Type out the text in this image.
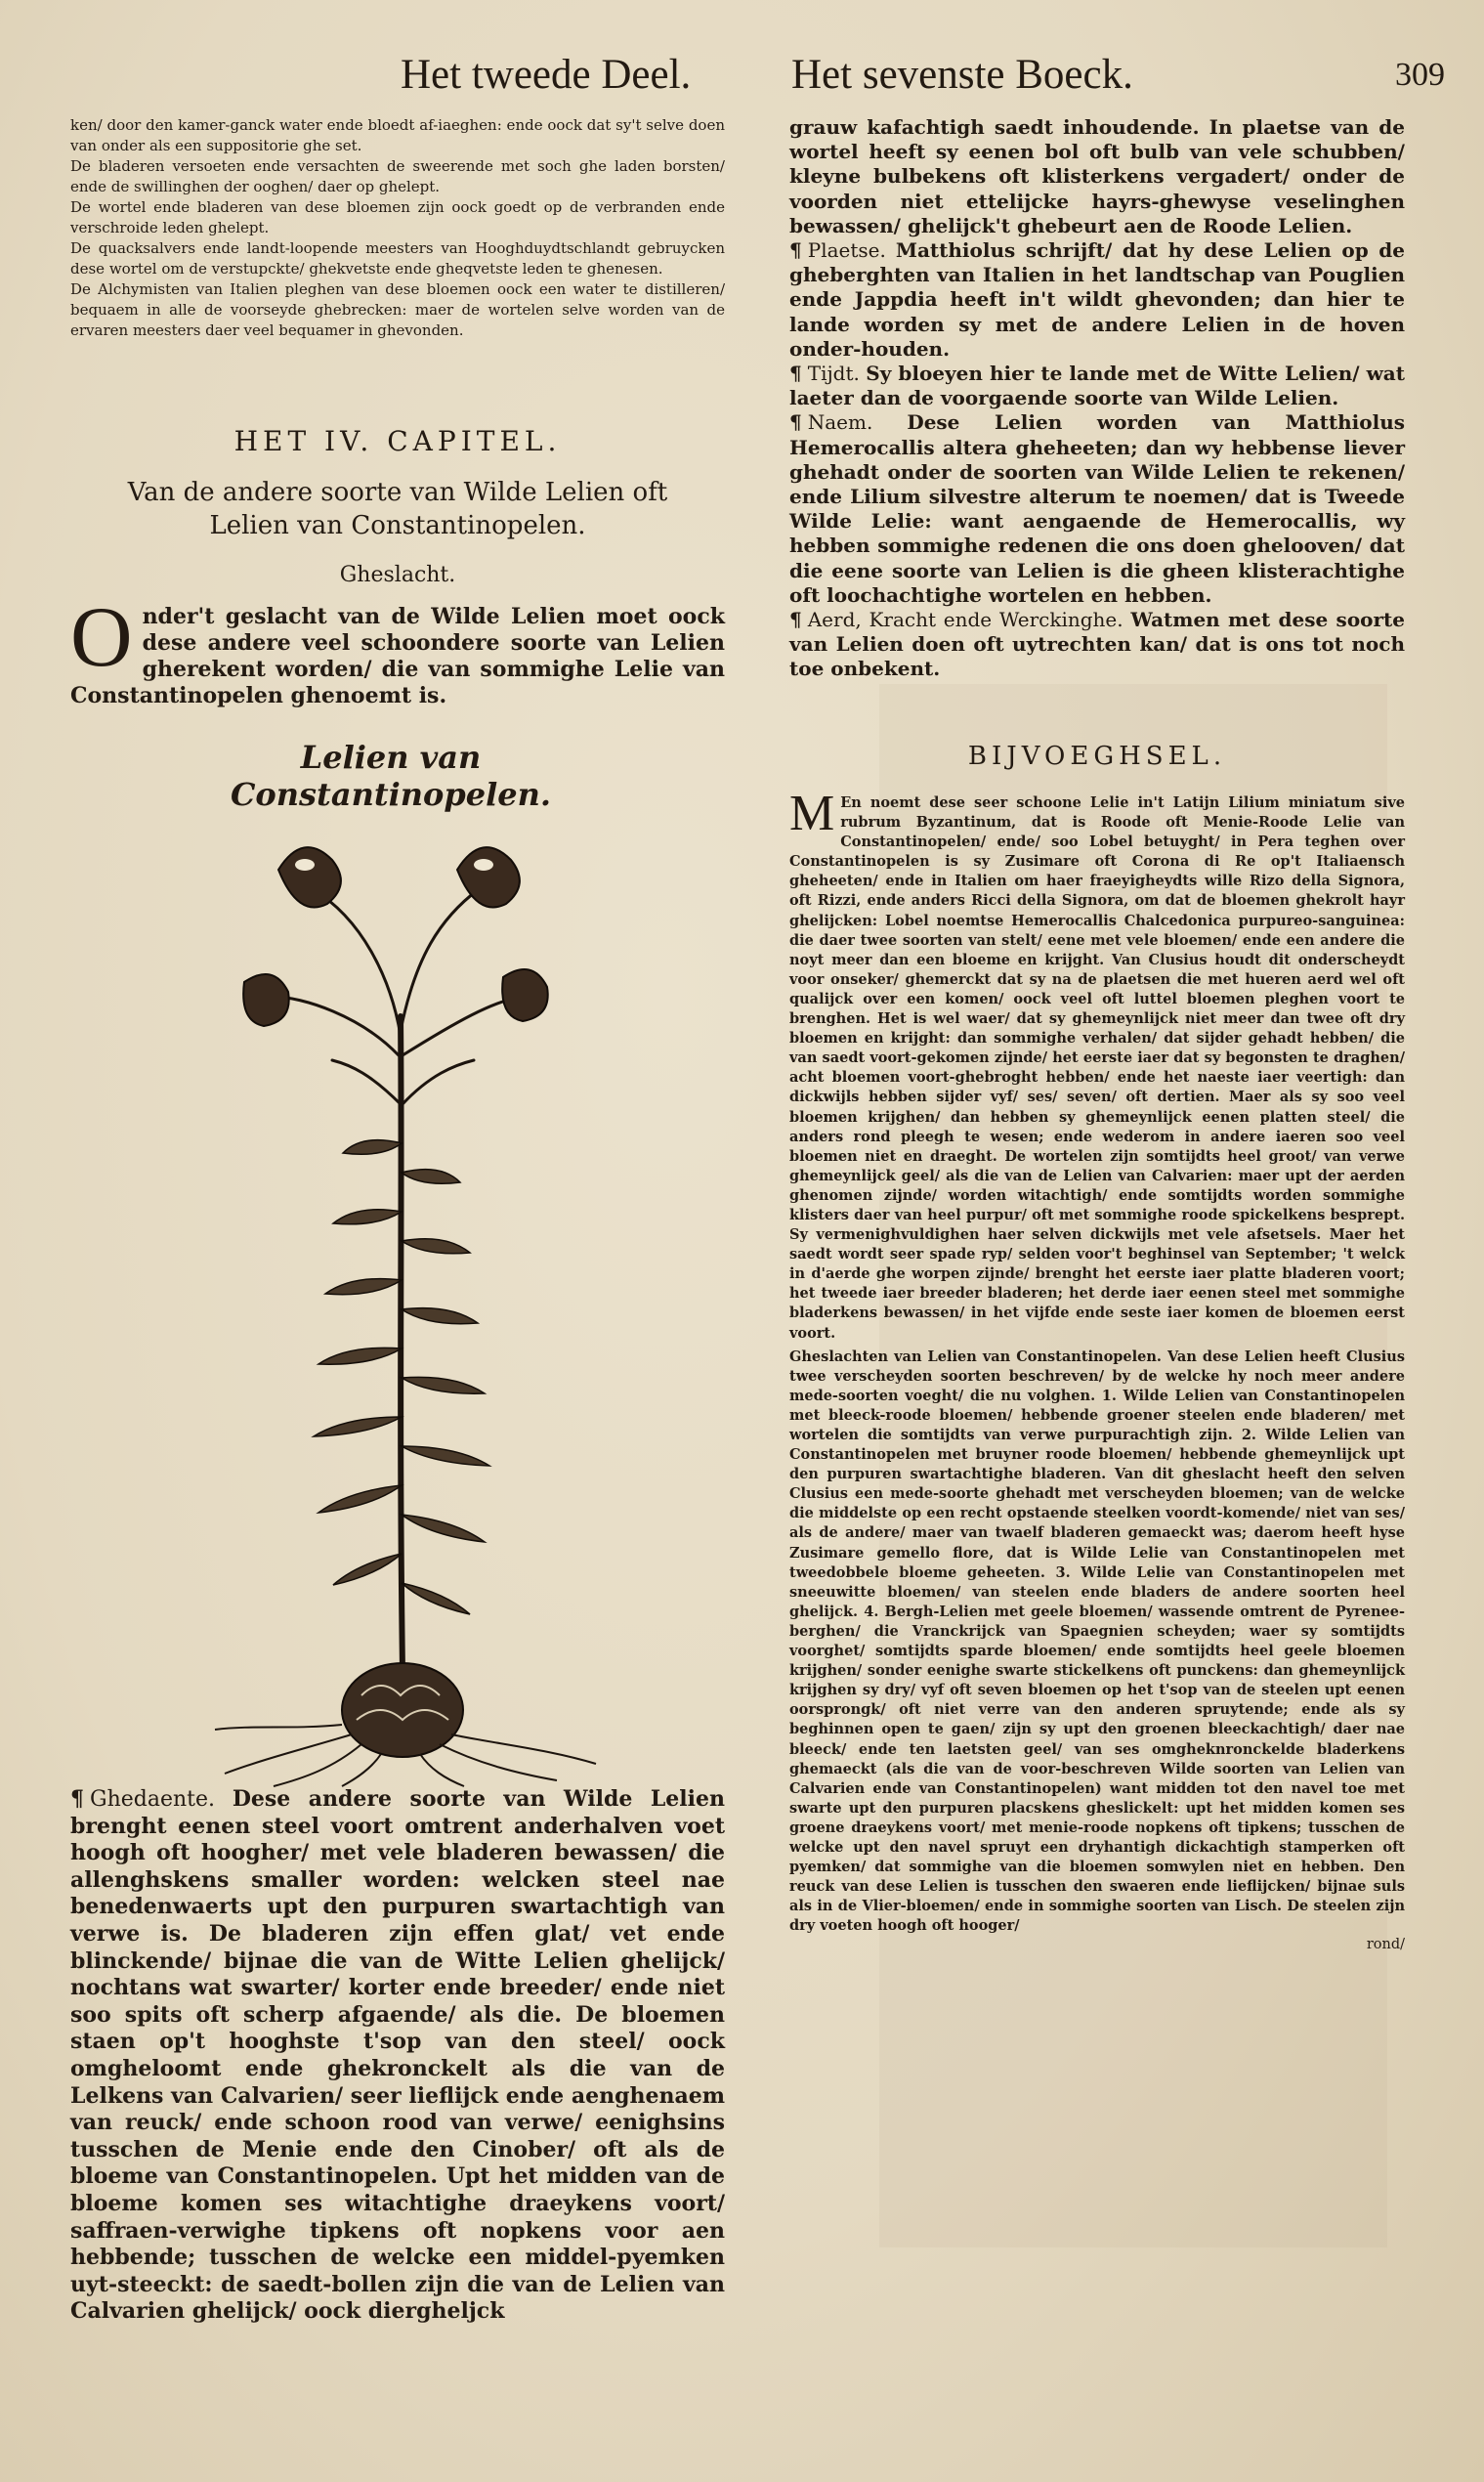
Het tweede Deel. Het sevenste Boeck.	309

ken/ door den kamer-ganck water ende bloedt af-iaeghen: ende oock dat sy't selve doen van onder als een suppositorie ghe set.

De bladeren versoeten ende versachten de sweerende met soch ghe laden borsten/ ende de swillinghen der ooghen/ daer op ghelept.

De wortel ende bladeren van dese bloemen zijn oock goedt op de verbranden ende verschroide leden ghelept.

De quacksalvers ende landt-loopende meesters van Hooghduydtschlandt gebruycken dese wortel om de verstupckte/ ghekvetste ende gheqvetste leden te ghenesen.

De Alchymisten van Italien pleghen van dese bloemen oock een water te distilleren/ bequaem in alle de voorseyde ghebrecken: maer de wortelen selve worden van de ervaren meesters daer veel bequamer in ghevonden.

HET IV. CAPITEL.

Van de andere soorte van Wilde Lelien oft

Lelien van Constantinopelen.

Gheslacht.

O nder't geslacht van de Wilde Lelien moet oock dese andere veel schoondere soorte van Lelien gherekent worden/ die van sommighe Lelie van Constantinopelen ghenoemt is.
Lelien van Constantinopelen.
¶ Ghedaente. Dese andere soorte van Wilde Lelien brenght eenen steel voort omtrent anderhalven voet hoogh oft hoogher/ met vele bladeren bewassen/ die allenghskens smaller worden: welcken steel nae benedenwaerts upt den purpuren swartachtigh van verwe is. De bladeren zijn effen glat/ vet ende blinckende/ bijnae die van de Witte Lelien ghelijck/ nochtans wat swarter/ korter ende breeder/ ende niet soo spits oft scherp afgaende/ als die. De bloemen staen op't hooghste t'sop van den steel/ oock omgheloomt ende ghekronckelt als die van de Lelkens van Calvarien/ seer lieflijck ende aenghenaem van reuck/ ende schoon rood van verwe/ eenighsins tusschen de Menie ende den Cinober/ oft als de bloeme van Constantinopelen. Upt het midden van de bloeme komen ses witachtighe draeykens voort/ saffraen-verwighe tipkens oft nopkens voor aen hebbende; tusschen de welcke een middel-pyemken uyt-steeckt: de saedt-bollen zijn die van de Lelien van Calvarien ghelijck/ oock diergheljck

grauw kafachtigh saedt inhoudende. In plaetse van de wortel heeft sy eenen bol oft bulb van vele schubben/ kleyne bulbekens oft klisterkens vergadert/ onder de voorden niet ettelijcke hayrs-ghewyse veselinghen bewassen/ ghelijck't ghebeurt aen de Roode Lelien.

¶ Plaetse. Matthiolus schrijft/ dat hy dese Lelien op de gheberghten van Italien in het landtschap van Pouglien ende Jappdia heeft in't wildt ghevonden; dan hier te lande worden sy met de andere Lelien in de hoven onder-houden.

¶ Tijdt. Sy bloeyen hier te lande met de Witte Lelien/ wat laeter dan de voorgaende soorte van Wilde Lelien.

¶ Naem. Dese Lelien worden van Matthiolus Hemerocallis altera gheheeten; dan wy hebbense liever ghehadt onder de soorten van Wilde Lelien te rekenen/ ende Lilium silvestre alterum te noemen/ dat is Tweede Wilde Lelie: want aengaende de Hemerocallis, wy hebben sommighe redenen die ons doen ghelooven/ dat die eene soorte van Lelien is die gheen klisterachtighe oft loochachtighe wortelen en hebben.

¶ Aerd, Kracht ende Werckinghe. Watmen met dese soorte van Lelien doen oft uytrechten kan/ dat is ons tot noch toe onbekent.

BIJVOEGHSEL.

M En noemt dese seer schoone Lelie in't Latijn Lilium miniatum sive rubrum Byzantinum, dat is Roode oft Menie-Roode Lelie van Constantinopelen/ ende/ soo Lobel betuyght/ in Pera teghen over Constantinopelen is sy Zusimare oft Corona di Re op't Italiaensch gheheeten/ ende in Italien om haer fraeyigheydts wille Rizo della Signora, oft Rizzi, ende anders Ricci della Signora, om dat de bloemen ghekrolt hayr ghelijcken: Lobel noemtse Hemerocallis Chalcedonica purpureo-sanguinea: die daer twee soorten van stelt/ eene met vele bloemen/ ende een andere die noyt meer dan een bloeme en krijght. Van Clusius houdt dit onderscheydt voor onseker/ ghemerckt dat sy na de plaetsen die met hueren aerd wel oft qualijck over een komen/ oock veel oft luttel bloemen pleghen voort te brenghen. Het is wel waer/ dat sy ghemeynlijck niet meer dan twee oft dry bloemen en krijght: dan sommighe verhalen/ dat sijder gehadt hebben/ die van saedt voort-gekomen zijnde/ het eerste iaer dat sy begonsten te draghen/ acht bloemen voort-ghebroght hebben/ ende het naeste iaer veertigh: dan dickwijls hebben sijder vyf/ ses/ seven/ oft dertien. Maer als sy soo veel bloemen krijghen/ dan hebben sy ghemeynlijck eenen platten steel/ die anders rond pleegh te wesen; ende wederom in andere iaeren soo veel bloemen niet en draeght. De wortelen zijn somtijdts heel groot/ van verwe ghemeynlijck geel/ als die van de Lelien van Calvarien: maer upt der aerden ghenomen zijnde/ worden witachtigh/ ende somtijdts worden sommighe klisters daer van heel purpur/ oft met sommighe roode spickelkens besprept. Sy vermenighvuldighen haer selven dickwijls met vele afsetsels. Maer het saedt wordt seer spade ryp/ selden voor't beghinsel van September; 't welck in d'aerde ghe worpen zijnde/ brenght het eerste iaer platte bladeren voort; het tweede iaer breeder bladeren; het derde iaer eenen steel met sommighe bladerkens bewassen/ in het vijfde ende seste iaer komen de bloemen eerst voort.

Gheslachten van Lelien van Constantinopelen. Van dese Lelien heeft Clusius twee verscheyden soorten beschreven/ by de welcke hy noch meer andere mede-soorten voeght/ die nu volghen. 1. Wilde Lelien van Constantinopelen met bleeck-roode bloemen/ hebbende groener steelen ende bladeren/ met wortelen die somtijdts van verwe purpurachtigh zijn. 2. Wilde Lelien van Constantinopelen met bruyner roode bloemen/ hebbende ghemeynlijck upt den purpuren swartachtighe bladeren. Van dit gheslacht heeft den selven Clusius een mede-soorte ghehadt met verscheyden bloemen; van de welcke die middelste op een recht opstaende steelken voordt-komende/ niet van ses/ als de andere/ maer van twaelf bladeren gemaeckt was; daerom heeft hyse Zusimare gemello flore, dat is Wilde Lelie van Constantinopelen met tweedobbele bloeme geheeten. 3. Wilde Lelie van Constantinopelen met sneeuwitte bloemen/ van steelen ende bladers de andere soorten heel ghelijck. 4. Bergh-Lelien met geele bloemen/ wassende omtrent de Pyrenee-berghen/ die Vranckrijck van Spaegnien scheyden; waer sy somtijdts voorghet/ somtijdts sparde bloemen/ ende somtijdts heel geele bloemen krijghen/ sonder eenighe swarte stickelkens oft punckens: dan ghemeynlijck krijghen sy dry/ vyf oft seven bloemen op het t'sop van de steelen upt eenen oorsprongk/ oft niet verre van den anderen spruytende; ende als sy beghinnen open te gaen/ zijn sy upt den groenen bleeckachtigh/ daer nae bleeck/ ende ten laetsten geel/ van ses omgheknronckelde bladerkens ghemaeckt (als die van de voor-beschreven Wilde soorten van Lelien van Calvarien ende van Constantinopelen) want midden tot den navel toe met swarte upt den purpuren placskens gheslickelt: upt het midden komen ses groene draeykens voort/ met menie-roode nopkens oft tipkens; tusschen de welcke upt den navel spruyt een dryhantigh dickachtigh stamperken oft pyemken/ dat sommighe van die bloemen somwylen niet en hebben. Den reuck van dese Lelien is tusschen den swaeren ende lieflijcken/ bijnae suls als in de Vlier-bloemen/ ende in sommighe soorten van Lisch. De steelen zijn dry voeten hoogh oft hooger/

rond/
